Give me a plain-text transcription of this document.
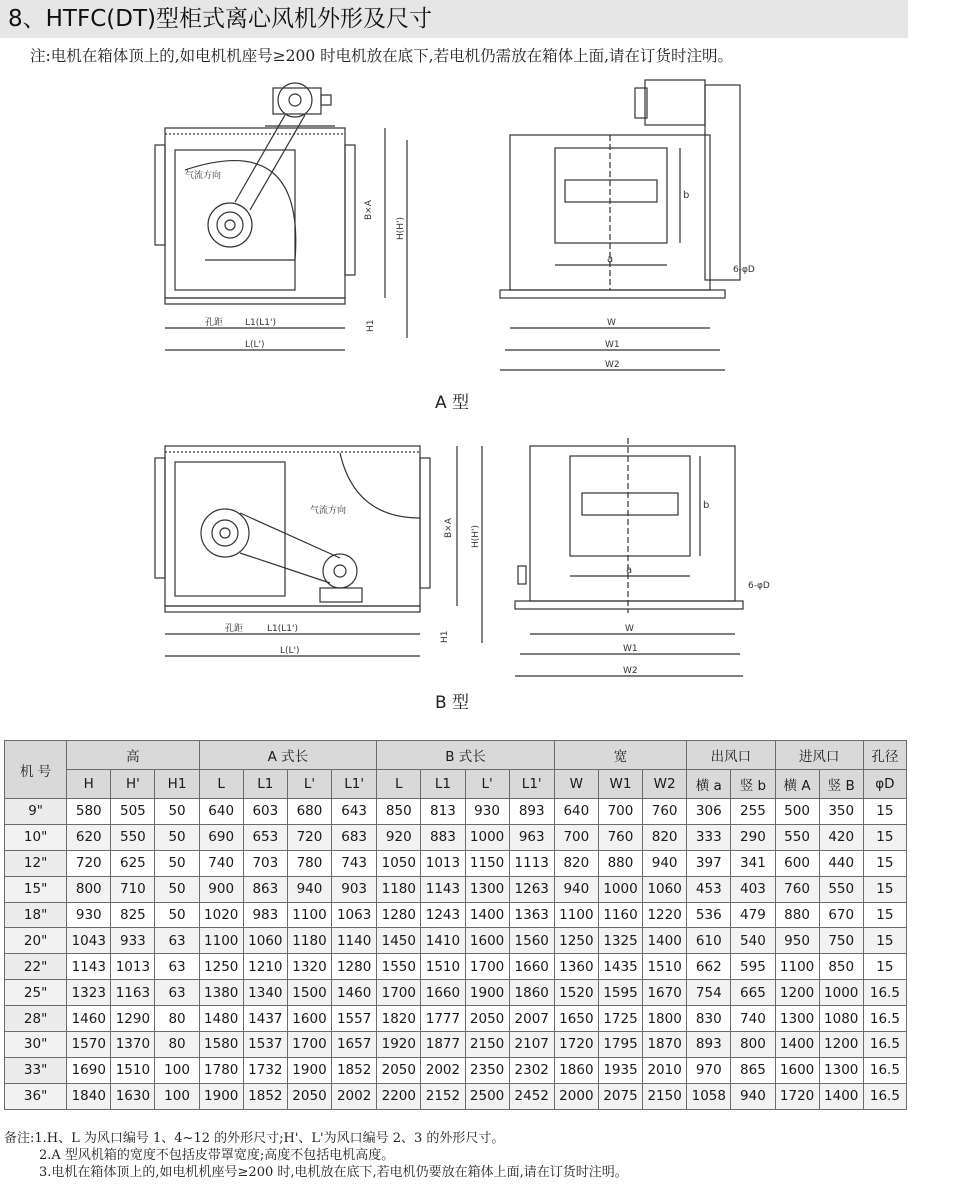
8、HTFC(DT)型柜式离心风机外形及尺寸
注:电机在箱体顶上的,如电机机座号≥200 时电机放在底下,若电机仍需放在箱体上面,请在订货时注明。
B×A
H(H')
H1
孔距 L1(L1')
L(L')
气流方向
b
a
6-φD
W
W1
W2
A 型
气流方向
B×A H(H')
H1
孔距	L1(L1')
L(L')
b
a
6-φD
W
W1
W2
B 型
机 号	高			A 式长				B 式长				宽			出风口		进风口		孔径
	H	H'	H1	L	L1	L'	L1'	L	L1	L'	L1'	W	W1	W2	横 a	竖 b	横 A	竖 B	φD
9"	580	505	50	640	603	680	643	850	813	930	893	640	700	760	306	255	500	350	15
10"	620	550	50	690	653	720	683	920	883	1000	963	700	760	820	333	290	550	420	15
12"	720	625	50	740	703	780	743	1050	1013	1150	1113	820	880	940	397	341	600	440	15
15"	800	710	50	900	863	940	903	1180	1143	1300	1263	940	1000	1060	453	403	760	550	15
18"	930	825	50	1020	983	1100	1063	1280	1243	1400	1363	1100	1160	1220	536	479	880	670	15
20"	1043	933	63	1100	1060	1180	1140	1450	1410	1600	1560	1250	1325	1400	610	540	950	750	15
22"	1143	1013	63	1250	1210	1320	1280	1550	1510	1700	1660	1360	1435	1510	662	595	1100	850	15
25"	1323	1163	63	1380	1340	1500	1460	1700	1660	1900	1860	1520	1595	1670	754	665	1200	1000	16.5
28"	1460	1290	80	1480	1437	1600	1557	1820	1777	2050	2007	1650	1725	1800	830	740	1300	1080	16.5
30"	1570	1370	80	1580	1537	1700	1657	1920	1877	2150	2107	1720	1795	1870	893	800	1400	1200	16.5
33"	1690	1510	100	1780	1732	1900	1852	2050	2002	2350	2302	1860	1935	2010	970	865	1600	1300	16.5
36"	1840	1630	100	1900	1852	2050	2002	2200	2152	2500	2452	2000	2075	2150	1058	940	1720	1400	16.5
备注:1.H、L 为风口编号 1、4~12 的外形尺寸;H'、L'为风口编号 2、3 的外形尺寸。
2.A 型风机箱的宽度不包括皮带罩宽度;高度不包括电机高度。
3.电机在箱体顶上的,如电机机座号≥200 时,电机放在底下,若电机仍要放在箱体上面,请在订货时注明。
